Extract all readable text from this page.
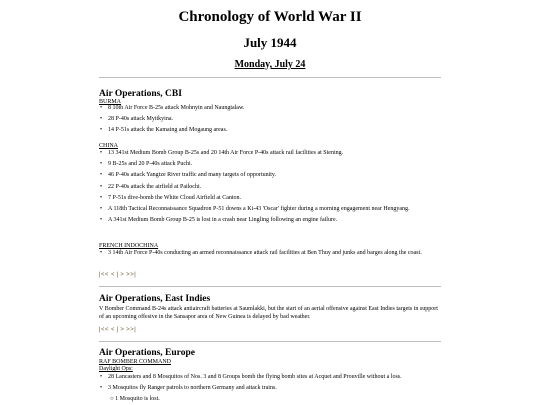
Chronology of World War II
July 1944
Monday, July 24
Air Operations, CBI
BURMA
• 8 10th Air Force B-25s attack Mohnyin and Naungtalaw.
• 28 P-40s attack Myitkyina.
• 14 P-51s attack the Kamaing and Mogaung areas.
CHINA
• 13 341st Medium Bomb Group B-25s and 20 14th Air Force P-40s attack rail facilities at Siening.
• 9 B-25s and 20 P-40s attack Puchi.
• 46 P-40s attack Yangtze River traffic and many targets of opportunity.
• 22 P-40s attack the airfield at Pailochi.
• 7 P-51s dive-bomb the White Cloud Airfield at Canton.
• A 118th Tactical Reconnaissance Squadron P-51 downs a Ki-43 'Oscar' fighter during a morning engagement near Hengyang.
• A 341st Medium Bomb Group B-25 is lost in a crash near Lingling following an engine failure.
FRENCH INDOCHINA
• 3 14th Air Force P-40s conducting an armed reconnaissance attack rail facilities at Ben Thuy and junks and barges along the coast.
|<< < | > >>|
Air Operations, East Indies
V Bomber Command B-24s attack antiaircraft batteries at Saumlakki, but the start of an aerial offensive against East Indies targets in support of an upcoming offesive in the Sansapor area of New Guinea is delayed by bad weather.
|<< < | > >>|
Air Operations, Europe
RAF BOMBER COMMAND
Daylight Ops:
• 28 Lancasters and 8 Mosquitos of Nos. 3 and 8 Groups bomb the flying bomb sites at Acquet and Prouville without a loss.
• 3 Mosquitos fly Ranger patrols to northern Germany and attack trains.
○ 1 Mosquito is lost.
